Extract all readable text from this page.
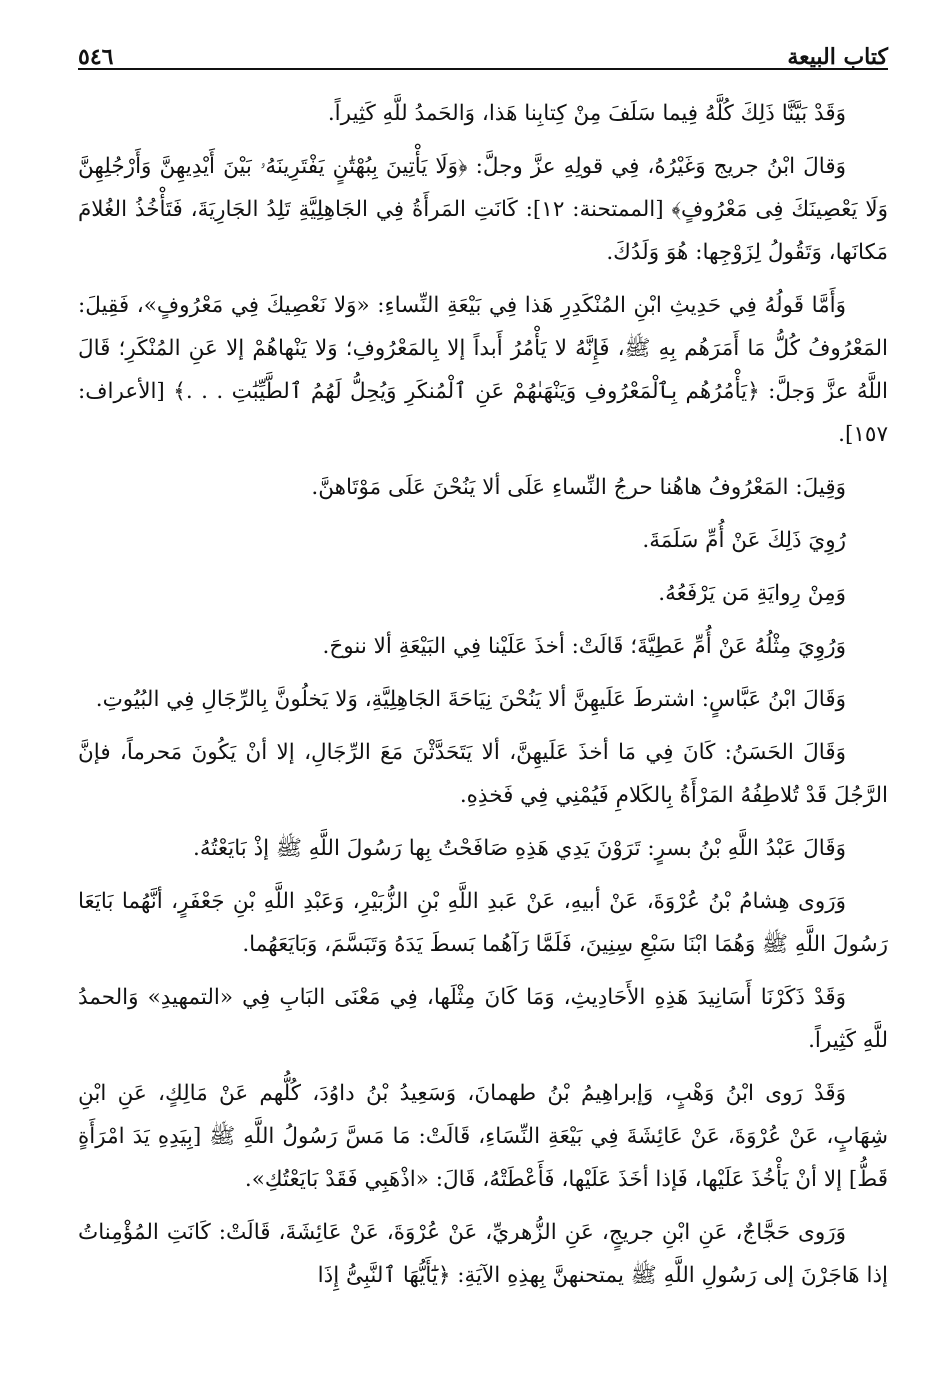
كتاب البيعة
٥٤٦

وَقَدْ بَيَّنَّا ذَلِكَ كُلَّهُ فِيما سَلَفَ مِنْ كِتابِنا هَذا، وَالحَمدُ للَّهِ كَثِيراً.

وَقالَ ابْنُ جريج وَغَيْرُهُ، فِي قولِهِ عزَّ وجلَّ: ﴿وَلَا يَأْتِينَ بِبُهْتَٰنٍ يَفْتَرِينَهُۥ بَيْنَ أَيْدِيهِنَّ وَأَرْجُلِهِنَّ وَلَا يَعْصِينَكَ فِى مَعْرُوفٍ﴾ [الممتحنة: ١٢]: كَانَتِ المَرأَةُ فِي الجَاهِلِيَّةِ تَلِدُ الجَارِيَةَ، فَتَأْخُذُ الغُلامَ مَكانَها، وَتَقُولُ لِزَوْجِها: هُوَ وَلَدُكَ.

وَأَمَّا قَولُهُ فِي حَدِيثِ ابْنِ المُنْكَدِرِ هَذا فِي بَيْعَةِ النِّساءِ: «وَلا نَعْصِيكَ فِي مَعْرُوفٍ»، فَقِيلَ: المَعْرُوفُ كُلُّ مَا أَمَرَهُم بِهِ ﷺ، فَإِنَّهُ لا يَأْمُرُ أَبداً إلا بِالمَعْرُوفِ؛ وَلا يَنْهاهُمْ إلا عَنِ المُنْكَرِ؛ قَالَ اللَّهُ عزَّ وَجلَّ: ﴿يَأْمُرُهُم بِٱلْمَعْرُوفِ وَيَنْهَىٰهُمْ عَنِ ٱلْمُنكَرِ وَيُحِلُّ لَهُمُ ٱلطَّيِّبَٰتِ . . .﴾ [الأعراف: ١٥٧].

وَقِيلَ: المَعْرُوفُ هاهُنا حرجُ النِّساءِ عَلَى ألا يَنُحْنَ عَلَى مَوْتَاهنَّ.

رُوِيَ ذَلِكَ عَنْ أُمِّ سَلَمَةَ.

وَمِنْ رِوايَةِ مَن يَرْفَعُهُ.

وَرُوِيَ مِثْلُهُ عَنْ أُمِّ عَطِيَّةَ؛ قَالَتْ: أخذَ عَلَيْنا فِي البَيْعَةِ ألا ننوحَ.

وَقَالَ ابْنُ عَبَّاسٍ: اشترطَ عَلَيهِنَّ ألا يَنُحْنَ نِيَاحَةَ الجَاهِلِيَّةِ، وَلا يَخلُونَّ بِالرِّجَالِ فِي البُيُوتِ.

وَقَالَ الحَسَنُ: كَانَ فِي مَا أخذَ عَلَيهِنَّ، ألا يَتَحَدَّثْنَ مَعَ الرِّجَالِ، إلا أنْ يَكُونَ مَحرماً، فإنَّ الرَّجُلَ قَدْ تُلاطِفُهُ المَرْأَةُ بِالكَلامِ فَيُمْنِي فِي فَخذِهِ.

وَقَالَ عَبْدُ اللَّهِ بْنُ بسرٍ: تَرَوْنَ يَدِي هَذِهِ صَافَحْتُ بِها رَسُولَ اللَّهِ ﷺ إذْ بَايَعْتُهُ.

وَرَوى هِشامُ بْنُ عُرْوَةَ، عَنْ أبيهِ، عَنْ عَبدِ اللَّهِ بْنِ الزُّبَيْرِ، وَعَبْدِ اللَّهِ بْنِ جَعْفَرٍ، أنَّهُما بَايَعَا رَسُولَ اللَّهِ ﷺ وَهُمَا ابْنَا سَبْعِ سِنِينَ، فَلَمَّا رَآهُما بَسطَ يَدَهُ وَتَبَسَّمَ، وَبَايَعَهُما.

وَقَدْ ذَكَرْنَا أَسَانِيدَ هَذِهِ الأَحَادِيثِ، وَمَا كَانَ مِثْلَها، فِي مَعْنَى البَابِ فِي «التمهيدِ» وَالحمدُ للَّهِ كَثِيراً.

وَقَدْ رَوى ابْنُ وَهْبٍ، وَإبراهِيمُ بْنُ طهمانَ، وَسَعِيدُ بْنُ داوُدَ، كُلُّهم عَنْ مَالِكٍ، عَنِ ابْنِ شِهَابٍ، عَنْ عُرْوَةَ، عَنْ عَائِشَةَ فِي بَيْعَةِ النِّسَاءِ، قَالَتْ: مَا مَسَّ رَسُولُ اللَّهِ ﷺ [بِيَدِهِ يَدَ امْرَأَةٍ قَطُّ] إلا أنْ يَأْخُذَ عَلَيْها، فَإذا أخَذَ عَلَيْها، فَأَعْطَتْهُ، قَالَ: «اذْهَبِي فَقَدْ بَايَعْتُكِ».

وَرَوى حَجَّاجٌ، عَنِ ابْنِ جريجٍ، عَنِ الزُّهريِّ، عَنْ عُرْوَةَ، عَنْ عَائِشَةَ، قَالَتْ: كَانَتِ المُؤْمِناتُ إذا هَاجَرْنَ إلى رَسُولِ اللَّهِ ﷺ يمتحنهنَّ بِهذِهِ الآيَةِ: ﴿يَٰٓأَيُّهَا ٱلنَّبِىُّ إِذَا
